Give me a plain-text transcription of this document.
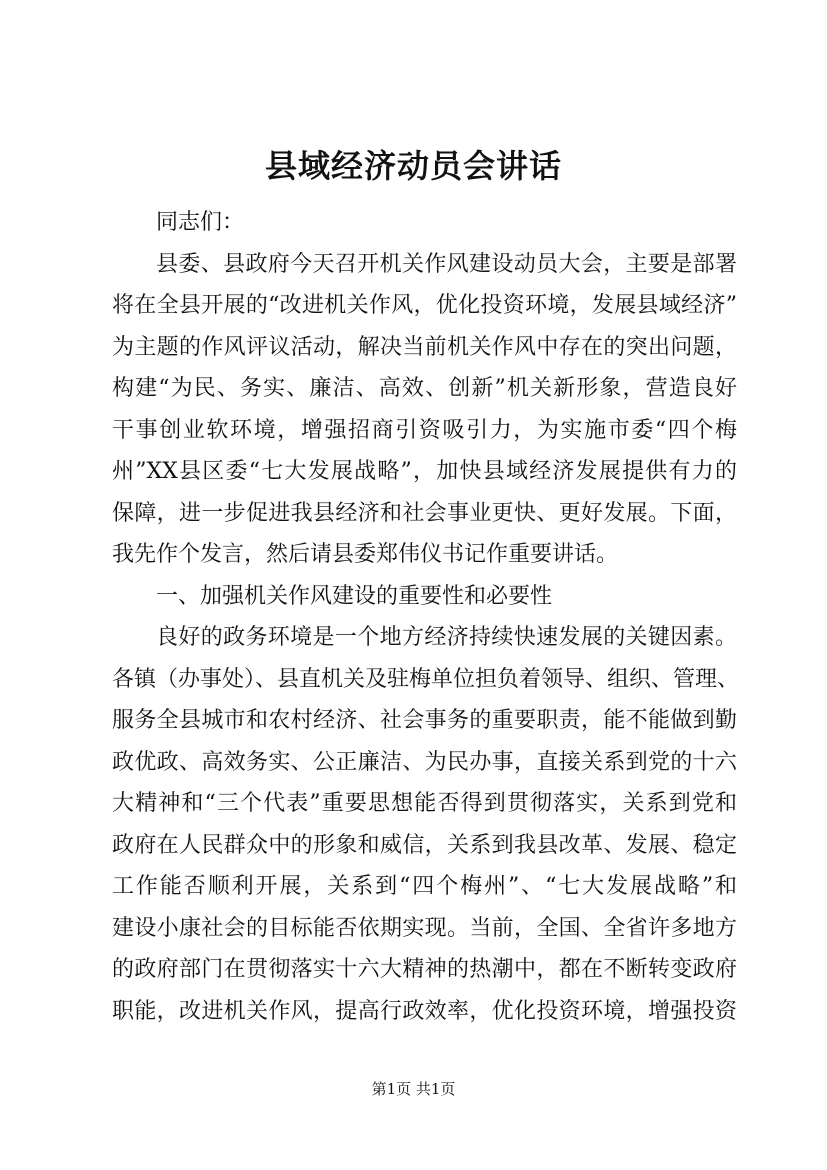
县域经济动员会讲话
同志们：
县委、县政府今天召开机关作风建设动员大会，主要是部署
将在全县开展的“改进机关作风，优化投资环境，发展县域经济”
为主题的作风评议活动，解决当前机关作风中存在的突出问题，
构建“为民、务实、廉洁、高效、创新”机关新形象，营造良好
干事创业软环境，增强招商引资吸引力，为实施市委“四个梅
州”XX县区委“七大发展战略”，加快县域经济发展提供有力的
保障，进一步促进我县经济和社会事业更快、更好发展。下面，
我先作个发言，然后请县委郑伟仪书记作重要讲话。
一、加强机关作风建设的重要性和必要性
良好的政务环境是一个地方经济持续快速发展的关键因素。
各镇（办事处）、县直机关及驻梅单位担负着领导、组织、管理、
服务全县城市和农村经济、社会事务的重要职责，能不能做到勤
政优政、高效务实、公正廉洁、为民办事，直接关系到党的十六
大精神和“三个代表”重要思想能否得到贯彻落实，关系到党和
政府在人民群众中的形象和威信，关系到我县改革、发展、稳定
工作能否顺利开展，关系到“四个梅州”、“七大发展战略”和
建设小康社会的目标能否依期实现。当前，全国、全省许多地方
的政府部门在贯彻落实十六大精神的热潮中，都在不断转变政府
职能，改进机关作风，提高行政效率，优化投资环境，增强投资
第1页 共1页
